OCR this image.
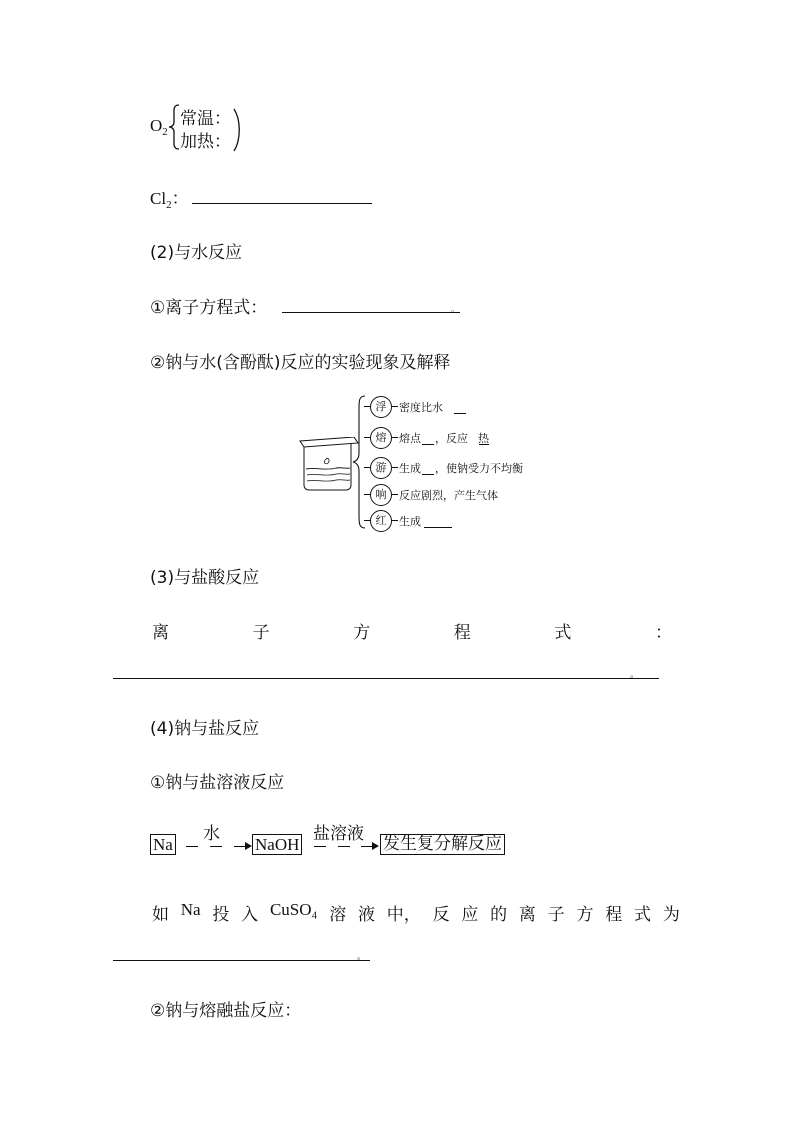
$O_2$
常温：
加热：
$Cl_2$：
(2)与水反应
①离子方程式：	。
②钠与水(含酚酞)反应的实验现象及解释
浮	密度比水
熔	熔点 ，反应 热
游	生成 ，使钠受力不均衡
响	反应剧烈，产生气体
红	生成
(3)与盐酸反应
离	子	方	程	式	：
。
(4)钠与盐反应
①钠与盐溶液反应
Na
水
NaOH
盐溶液 发生复分解反应
如 Na 投 入 CuSO₄ 溶 液 中， 反 应 的 离 子 方 程 式 为
。
②钠与熔融盐反应：
